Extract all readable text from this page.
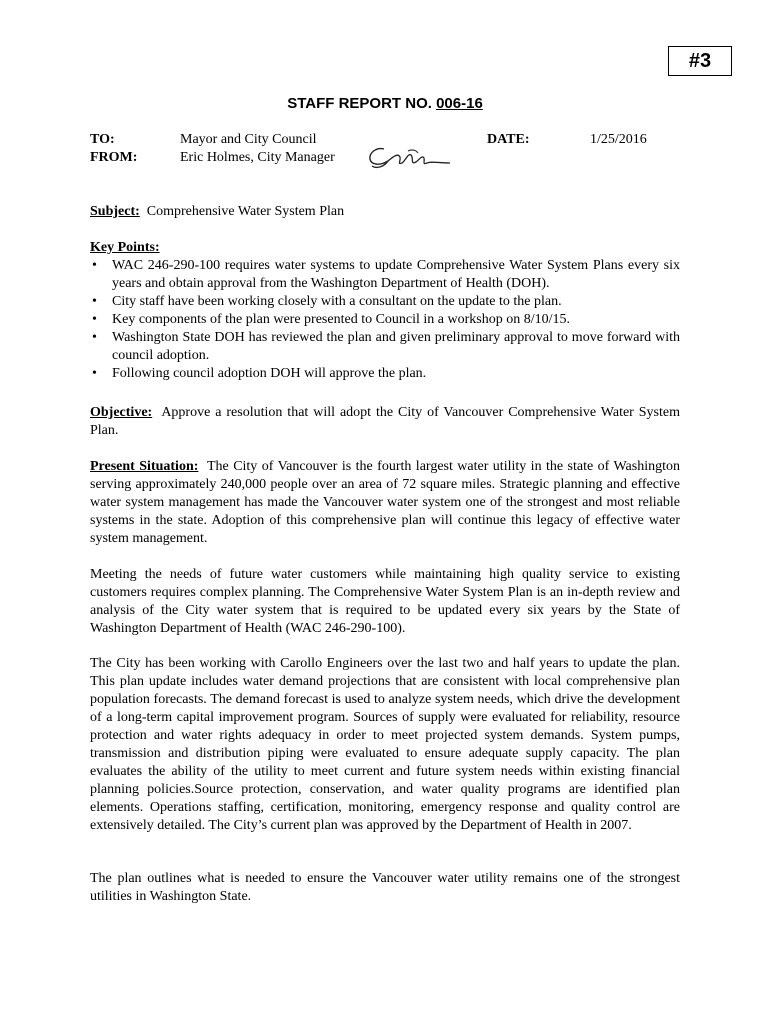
#3
STAFF REPORT NO. 006-16
TO:	Mayor and City Council
FROM:	Eric Holmes, City Manager
DATE:	1/25/2016
Subject: Comprehensive Water System Plan
Key Points:
• WAC 246-290-100 requires water systems to update Comprehensive Water System Plans every six years and obtain approval from the Washington Department of Health (DOH).
• City staff have been working closely with a consultant on the update to the plan.
• Key components of the plan were presented to Council in a workshop on 8/10/15.
• Washington State DOH has reviewed the plan and given preliminary approval to move forward with council adoption.
• Following council adoption DOH will approve the plan.
Objective: Approve a resolution that will adopt the City of Vancouver Comprehensive Water System Plan.
Present Situation: The City of Vancouver is the fourth largest water utility in the state of Washington serving approximately 240,000 people over an area of 72 square miles. Strategic planning and effective water system management has made the Vancouver water system one of the strongest and most reliable systems in the state. Adoption of this comprehensive plan will continue this legacy of effective water system management.

Meeting the needs of future water customers while maintaining high quality service to existing customers requires complex planning. The Comprehensive Water System Plan is an in-depth review and analysis of the City water system that is required to be updated every six years by the State of Washington Department of Health (WAC 246-290-100).

The City has been working with Carollo Engineers over the last two and half years to update the plan. This plan update includes water demand projections that are consistent with local comprehensive plan population forecasts. The demand forecast is used to analyze system needs, which drive the development of a long-term capital improvement program. Sources of supply were evaluated for reliability, resource protection and water rights adequacy in order to meet projected system demands. System pumps, transmission and distribution piping were evaluated to ensure adequate supply capacity. The plan evaluates the ability of the utility to meet current and future system needs within existing financial planning policies.Source protection, conservation, and water quality programs are identified plan elements. Operations staffing, certification, monitoring, emergency response and quality control are extensively detailed. The City’s current plan was approved by the Department of Health in 2007.

The plan outlines what is needed to ensure the Vancouver water utility remains one of the strongest utilities in Washington State.
